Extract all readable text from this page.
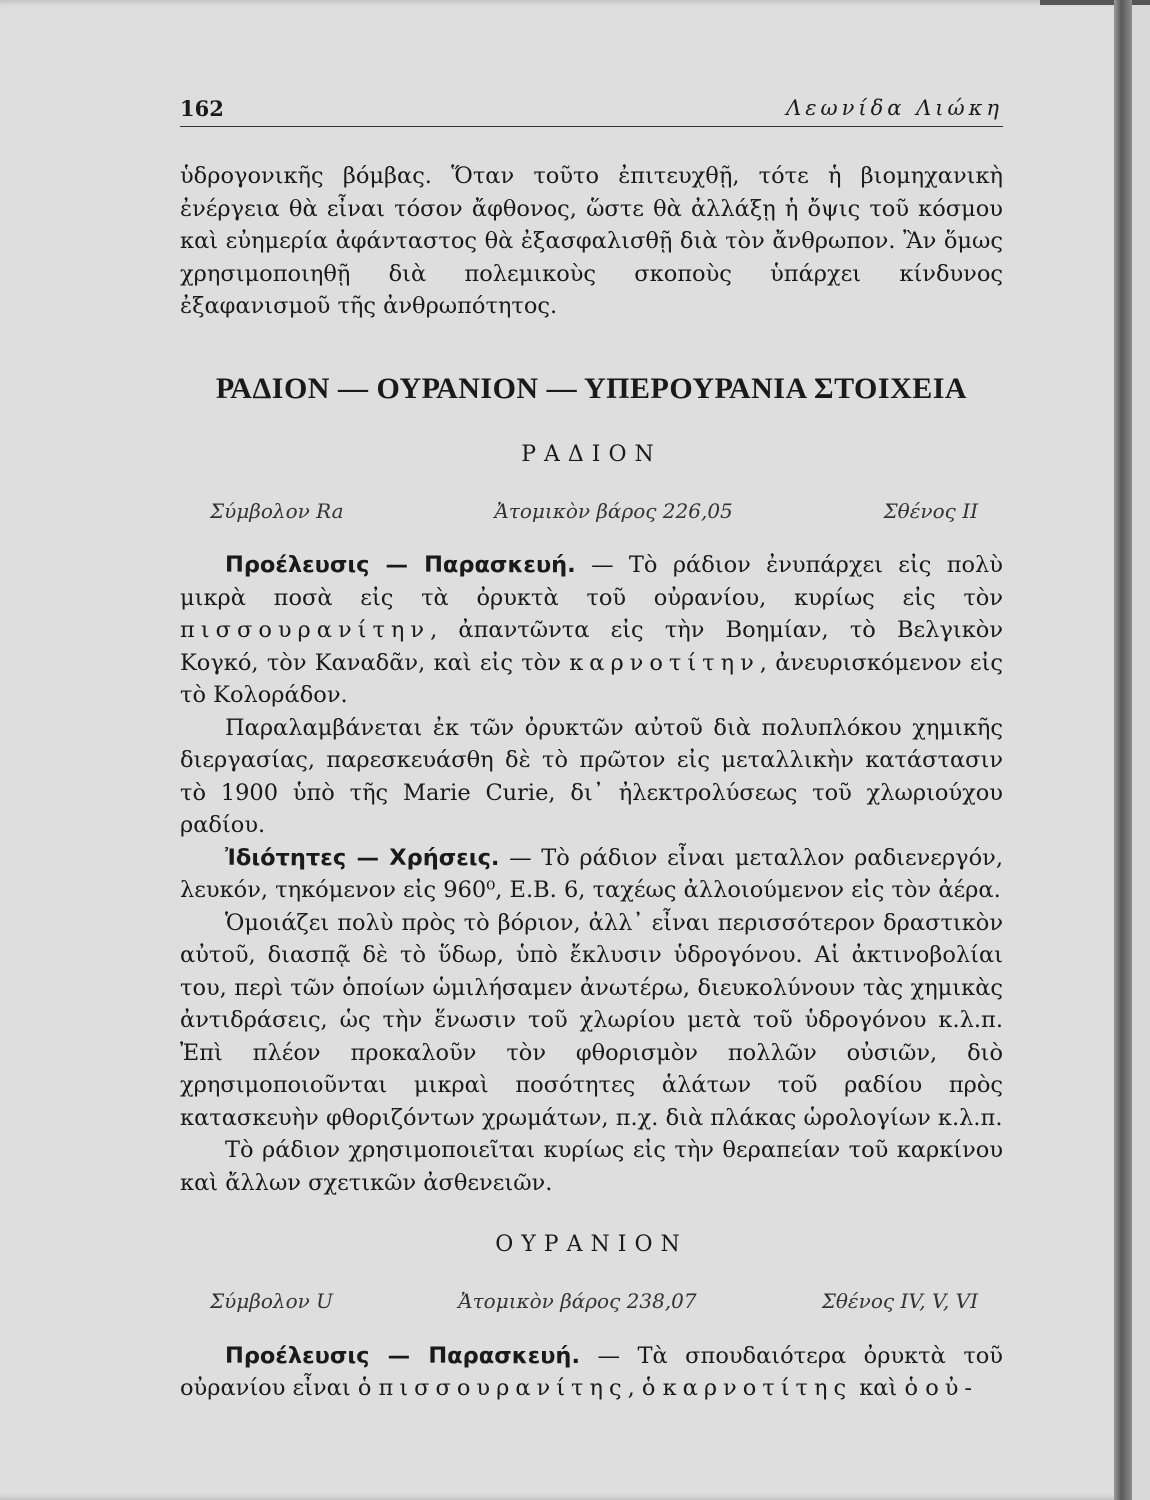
162	Λεωνίδα Λιώκη

ὑδρογονικῆς βόμβας. Ὅταν τοῦτο ἐπιτευχθῇ, τότε ἡ βιομηχανικὴ ἐνέργεια θὰ εἶναι τόσον ἄφθονος, ὥστε θὰ ἀλλάξῃ ἡ ὄψις τοῦ κόσμου καὶ εὐημερία ἀφάνταστος θὰ ἐξασφαλισθῇ διὰ τὸν ἄνθρωπον. Ἂν ὅμως χρησιμοποιηθῇ διὰ πολεμικοὺς σκοποὺς ὑπάρχει κίνδυνος ἐξαφανισμοῦ τῆς ἀνθρωπότητος.

ΡΑΔΙΟΝ — ΟΥΡΑΝΙΟΝ — ΥΠΕΡΟΥΡΑΝΙΑ ΣΤΟΙΧΕΙΑ
ΡΑΔΙΟΝ
Σύμβολον Ra	Ἀτομικὸν βάρος 226,05	Σθένος II

Προέλευσις — Παρασκευή. — Τὸ ράδιον ἐνυπάρχει εἰς πολὺ μικρὰ ποσὰ εἰς τὰ ὀρυκτὰ τοῦ οὐρανίου, κυρίως εἰς τὸν πισσουρανίτην, ἀπαντῶντα εἰς τὴν Βοημίαν, τὸ Βελγικὸν Κογκό, τὸν Καναδᾶν, καὶ εἰς τὸν καρνοτίτην, ἀνευρισκόμενον εἰς τὸ Κολοράδον.

Παραλαμβάνεται ἐκ τῶν ὀρυκτῶν αὐτοῦ διὰ πολυπλόκου χημικῆς διεργασίας, παρεσκευάσθη δὲ τὸ πρῶτον εἰς μεταλλικὴν κατάστασιν τὸ 1900 ὑπὸ τῆς Marie Curie, δι᾽ ἠλεκτρολύσεως τοῦ χλωριούχου ραδίου.

Ἰδιότητες — Χρήσεις. — Τὸ ράδιον εἶναι μεταλλον ραδιενεργόν, λευκόν, τηκόμενον εἰς 960⁰, Ε.Β. 6, ταχέως ἀλλοιούμενον εἰς τὸν ἀέρα.

Ὁμοιάζει πολὺ πρὸς τὸ βόριον, ἀλλ᾽ εἶναι περισσότερον δραστικὸν αὐτοῦ, διασπᾷ δὲ τὸ ὕδωρ, ὑπὸ ἔκλυσιν ὑδρογόνου. Αἱ ἀκτινοβολίαι του, περὶ τῶν ὁποίων ὡμιλήσαμεν ἀνωτέρω, διευκολύνουν τὰς χημικὰς ἀντιδράσεις, ὡς τὴν ἕνωσιν τοῦ χλωρίου μετὰ τοῦ ὑδρογόνου κ.λ.π. Ἐπὶ πλέον προκαλοῦν τὸν φθορισμὸν πολλῶν οὐσιῶν, διὸ χρησιμοποιοῦνται μικραὶ ποσότητες ἁλάτων τοῦ ραδίου πρὸς κατασκευὴν φθοριζόντων χρωμάτων, π.χ. διὰ πλάκας ὡρολογίων κ.λ.π.

Τὸ ράδιον χρησιμοποιεῖται κυρίως εἰς τὴν θεραπείαν τοῦ καρκίνου καὶ ἄλλων σχετικῶν ἀσθενειῶν.

ΟΥΡΑΝΙΟΝ
Σύμβολον U	Ἀτομικὸν βάρος 238,07	Σθένος IV, V, VI

Προέλευσις — Παρασκευή. — Τὰ σπουδαιότερα ὀρυκτὰ τοῦ οὐρανίου εἶναι ὁ πισσουρανίτης, ὁ καρνοτίτης καὶ ὁ οὐ-
